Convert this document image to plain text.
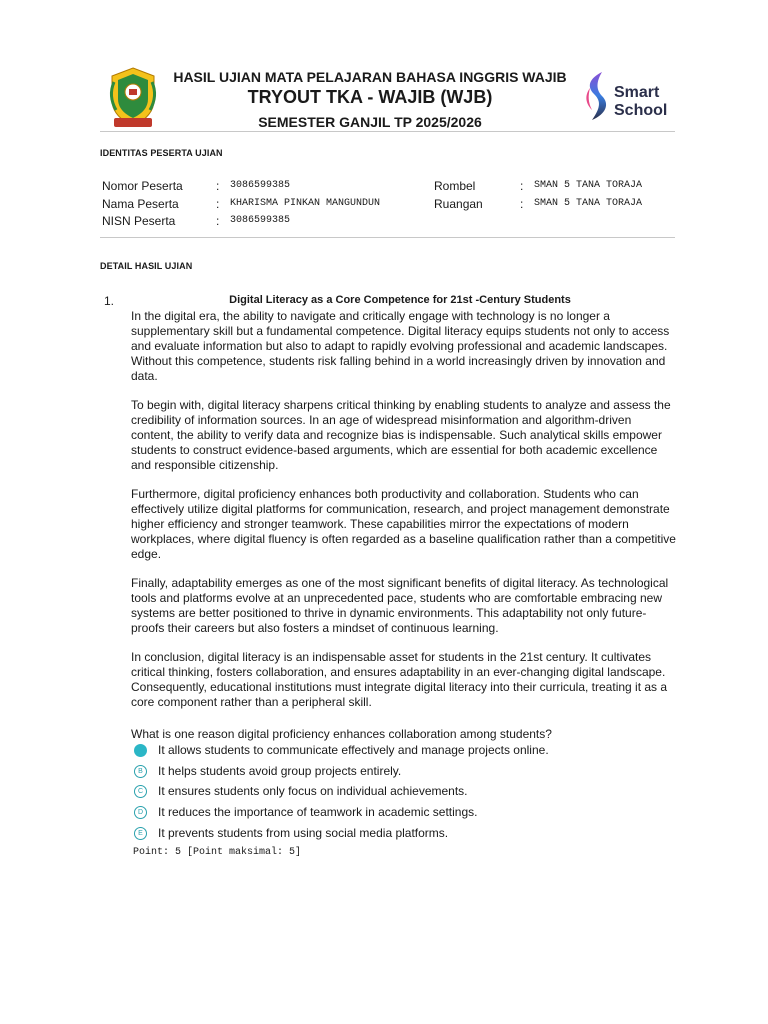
HASIL UJIAN MATA PELAJARAN BAHASA INGGRIS WAJIB
TRYOUT TKA - WAJIB (WJB)
SEMESTER GANJIL TP 2025/2026
Smart
School
IDENTITAS PESERTA UJIAN
Nomor Peserta	: 3086599385
Nama Peserta	: KHARISMA PINKAN MANGUNDUN
NISN Peserta	: 3086599385
Rombel	: SMAN 5 TANA TORAJA
Ruangan	: SMAN 5 TANA TORAJA
DETAIL HASIL UJIAN
1.	Digital Literacy as a Core Competence for 21st -Century Students

In the digital era, the ability to navigate and critically engage with technology is no longer a supplementary skill but a fundamental competence. Digital literacy equips students not only to access and evaluate information but also to adapt to rapidly evolving professional and academic landscapes. Without this competence, students risk falling behind in a world increasingly driven by innovation and data.

To begin with, digital literacy sharpens critical thinking by enabling students to analyze and assess the credibility of information sources. In an age of widespread misinformation and algorithm-driven content, the ability to verify data and recognize bias is indispensable. Such analytical skills empower students to construct evidence-based arguments, which are essential for both academic excellence and responsible citizenship.

Furthermore, digital proficiency enhances both productivity and collaboration. Students who can effectively utilize digital platforms for communication, research, and project management demonstrate higher efficiency and stronger teamwork. These capabilities mirror the expectations of modern workplaces, where digital fluency is often regarded as a baseline qualification rather than a competitive edge.

Finally, adaptability emerges as one of the most significant benefits of digital literacy. As technological tools and platforms evolve at an unprecedented pace, students who are comfortable embracing new systems are better positioned to thrive in dynamic environments. This adaptability not only future-proofs their careers but also fosters a mindset of continuous learning.

In conclusion, digital literacy is an indispensable asset for students in the 21st century. It cultivates critical thinking, fosters collaboration, and ensures adaptability in an ever-changing digital landscape. Consequently, educational institutions must integrate digital literacy into their curricula, treating it as a core component rather than a peripheral skill.

What is one reason digital proficiency enhances collaboration among students?
A	It allows students to communicate effectively and manage projects online.
B	It helps students avoid group projects entirely.
C	It ensures students only focus on individual achievements.
D	It reduces the importance of teamwork in academic settings.
E	It prevents students from using social media platforms.
Point: 5 [Point maksimal: 5]
